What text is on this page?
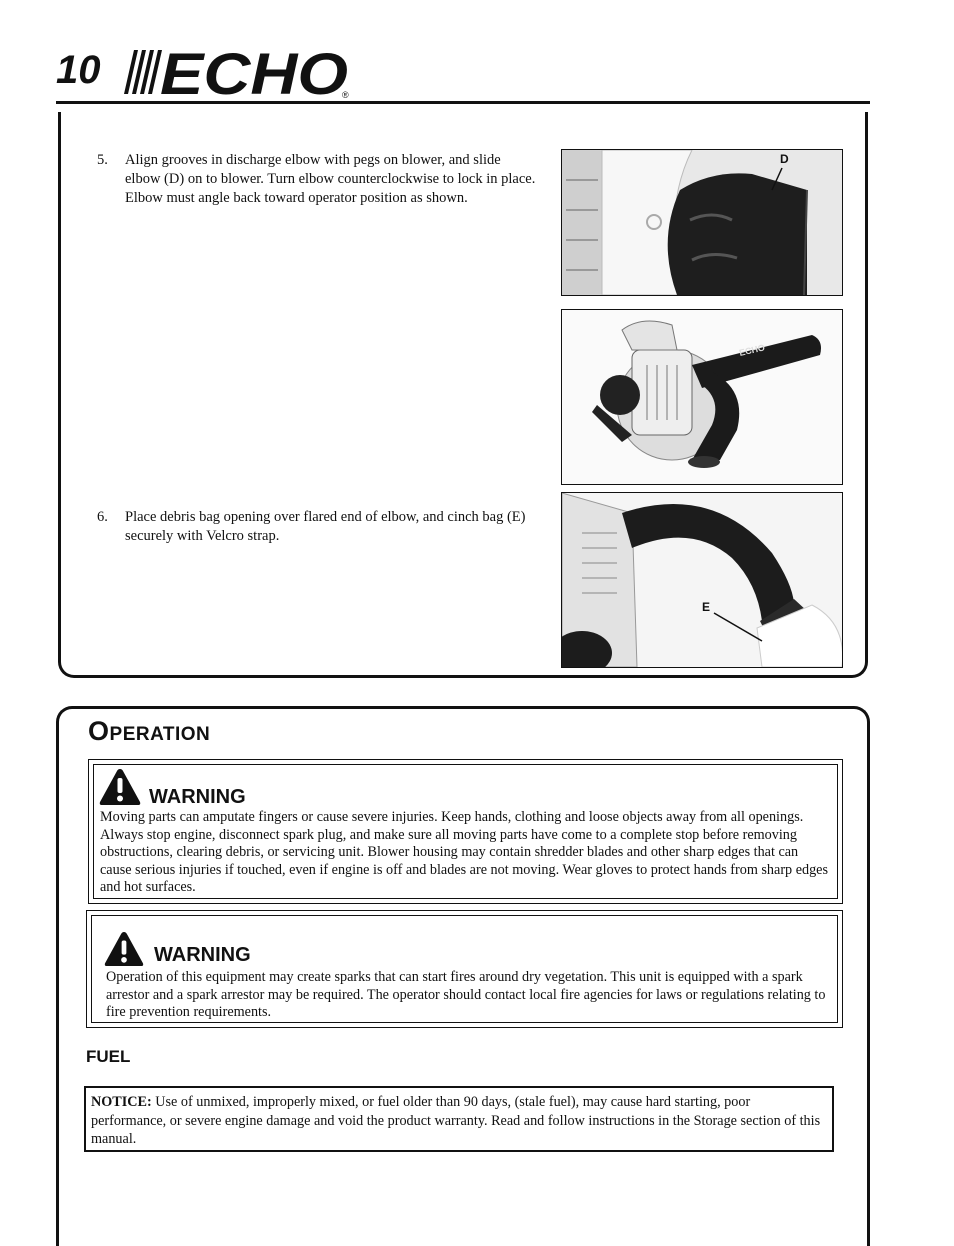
10 ECHO
®
5. Align grooves in discharge elbow with pegs on blower, and slide elbow (D) on to blower. Turn elbow counterclockwise to lock in place. Elbow must angle back toward operator position as shown.
D
ECHO
6. Place debris bag opening over flared end of elbow, and cinch bag (E) securely with Velcro strap.
E
OPERATION
WARNING
Moving parts can amputate fingers or cause severe injuries. Keep hands, clothing and loose objects away from all openings. Always stop engine, disconnect spark plug, and make sure all moving parts have come to a complete stop before removing obstructions, clearing debris, or servicing unit. Blower housing may contain shredder blades and other sharp edges that can cause serious injuries if touched, even if engine is off and blades are not moving. Wear gloves to protect hands from sharp edges and hot surfaces.
WARNING
Operation of this equipment may create sparks that can start fires around dry vegetation. This unit is equipped with a spark arrestor and a spark arrestor may be required. The operator should contact local fire agencies for laws or regulations relating to fire prevention requirements.
FUEL
NOTICE: Use of unmixed, improperly mixed, or fuel older than 90 days, (stale fuel), may cause hard starting, poor performance, or severe engine damage and void the product warranty. Read and follow instructions in the Storage section of this manual.
